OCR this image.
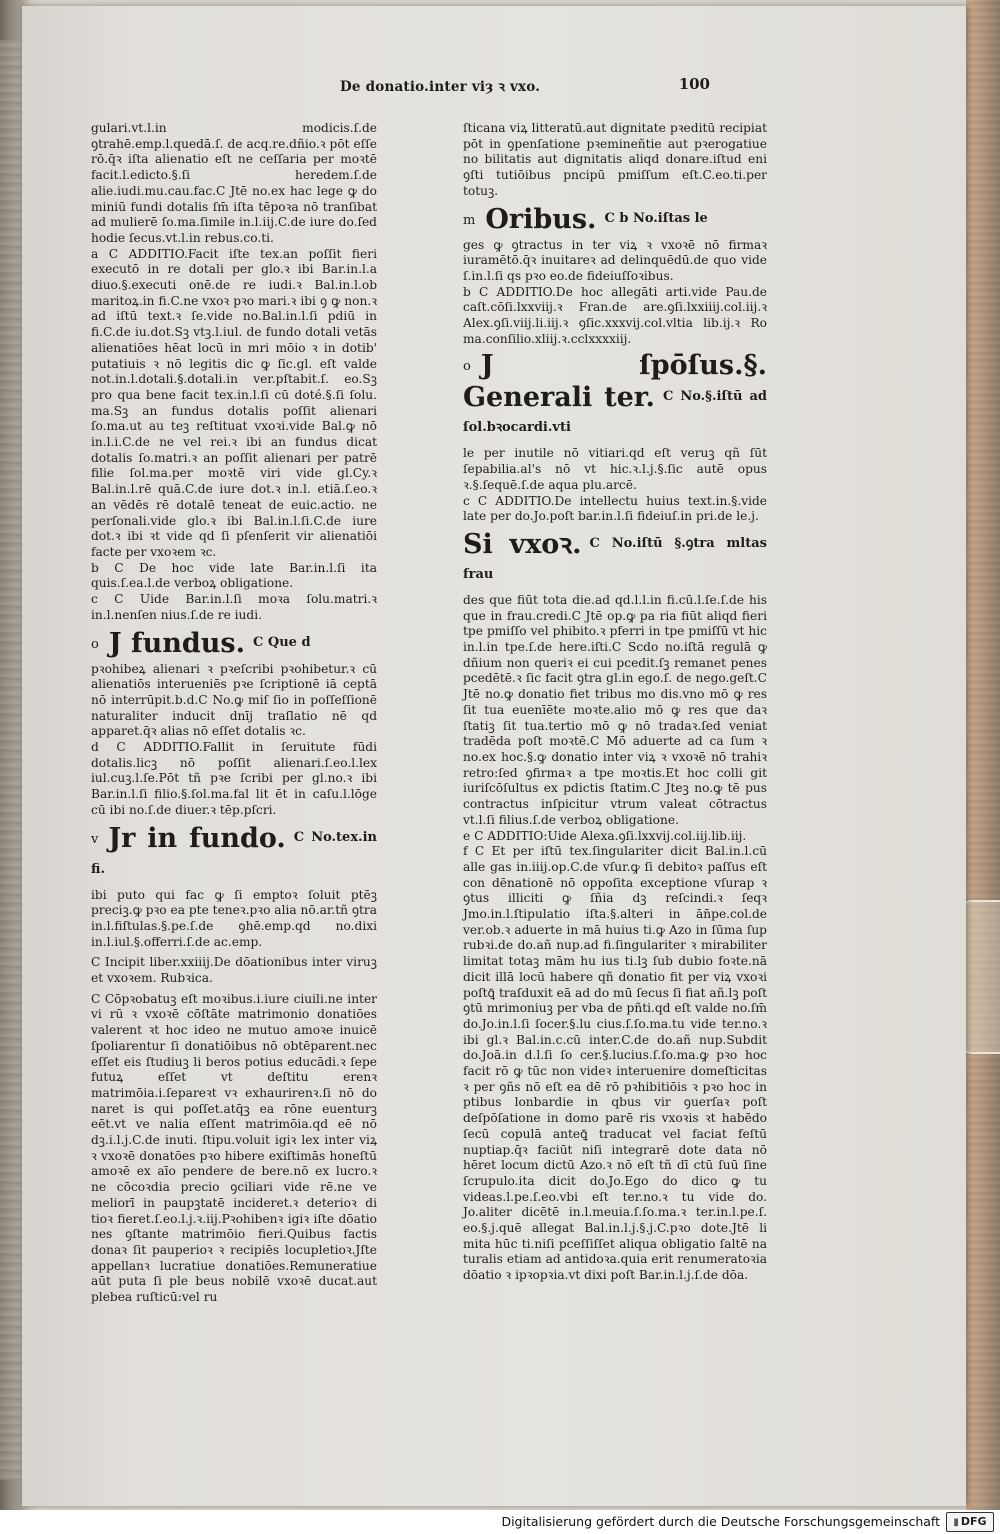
De donatio.inter viȝ ꝛ vxo.	100

gulari.vt.l.in modicis.ſ.de ꝯtrahē.emp.l.quedā.ſ. de acq.re.dñio.ꝛ pōt eſſe rō.q̄ꝛ iſta alienatio eſt ne ceſſaria per moꝛtē facit.l.edicto.§.ſi heredem.ſ.de alie.iudi.mu.cau.fac.C Jtē no.ex hac lege ꝙ do miniū fundi dotalis ſm̄ iſta tēpoꝛa nō tranſibat ad mulierē ſo.ma.ſimile in.l.iij.C.de iure do.ſed hodie ſecus.vt.l.in rebus.co.ti.

a C ADDITIO.Facit iſte tex.an poſſit fieri executō in re dotali per glo.ꝛ ibi Bar.in.l.a diuo.§.executi onē.de re iudi.ꝛ Bal.in.l.ob maritoꝝ.in fi.C.ne vxoꝛ pꝛo mari.ꝛ ibi ꝯ ꝙ non.ꝛ ad iſtū text.ꝛ ſe.vide no.Bal.in.l.ſi pdiū in fi.C.de iu.dot.Sꝫ vtꝫ.l.iul. de fundo dotali vetās alienatiōes hēat locū in mri mōio ꝛ in dotib' putatiuis ꝛ nō legitis dic ꝙ ſic.gl. eſt valde not.in.l.dotali.§.dotali.in ver.pſtabit.ſ. eo.Sꝫ pro qua bene facit tex.in.l.ſi cū doté.§.ſi ſolu. ma.Sꝫ an fundus dotalis poſſit alienari ſo.ma.ut au teꝫ reſtituat vxoꝛi.vide Bal.ꝙ nō in.l.i.C.de ne vel rei.ꝛ ibi an fundus dicat dotalis ſo.matri.ꝛ an poſſit alienari per patrē filie ſol.ma.per moꝛtē viri vide gl.Cy.ꝛ Bal.in.l.rē quā.C.de iure dot.ꝛ in.l. etiā.ſ.eo.ꝛ an vēdēs rē dotalē teneat de euic.actio. ne perſonali.vide glo.ꝛ ibi Bal.in.l.ſi.C.de iure dot.ꝛ ibi ꝛt vide qd ſi pſenſerit vir alienatiōi facte per vxoꝛem ꝛc.

b C De hoc vide late Bar.in.l.ſi ita quis.ſ.ea.l.de verboꝝ obligatione.

c C Uide Bar.in.l.ſi moꝛa ſolu.matri.ꝛ in.l.nenſen nius.ſ.de re iudi.

o J fundus. $^{C Que d}$

pꝛohibeꝝ alienari ꝛ pꝛeſcribi pꝛohibetur.ꝛ cū alienatiōs interueniēs pꝛe ſcriptionē iā ceptā nō interrūpit.b.d.C No.ꝙ miſ ſio in poſſeſſionē naturaliter inducit dnīj traſlatio nē qd apparet.q̄ꝛ alias nō eſſet dotalis ꝛc.

d C ADDITIO.Fallit in ſeruitute fūdi dotalis.licꝫ nō poſſit alienari.ſ.eo.l.lex iul.cuꝫ.l.ſe.Pōt tñ pꝛe ſcribi per gl.no.ꝛ ibi Bar.in.l.ſi filio.§.ſol.ma.fal lit ēt in caſu.l.lōge cū ibi no.ſ.de diuer.ꝛ tēp.pſcri.

v Jr in fundo. $^{C No.tex.in fi.}$

ibi puto qui fac ꝙ ſi emptoꝛ ſoluit ptēꝫ preciꝫ.ꝙ pꝛo ea pte teneꝛ.pꝛo alia nō.ar.tñ ꝯtra in.l.fiſtulas.§.pe.ſ.de ꝯhē.emp.qd no.dixi in.l.iul.§.offerri.ſ.de ac.emp.

C Incipit liber.xxiiij.De dōationibus inter viruꝫ et vxoꝛem. Rubꝛica.

C Cōpꝛobatuꝫ eſt moꝛibus.i.iure ciuili.ne inter vi rū ꝛ vxoꝛē cōſtāte matrimonio donatiōes valerent ꝛt hoc ideo ne mutuo amoꝛe inuicē ſpoliarentur ſi donatiōibus nō obtēparent.nec eſſet eis ſtudiuꝫ li beros potius educādi.ꝛ ſepe futuꝝ eſſet vt deſtitu erenꝛ matrimōia.i.ſepareꝛt vꝛ exhaurirenꝛ.ſi nō do naret is qui poſſet.atq̄ꝫ ea rōne euenturꝫ eēt.vt ve nalia eſſent matrimōia.qd eē nō dꝫ.i.l.j.C.de inuti. ſtipu.voluit igiꝛ lex inter viꝝ ꝛ vxoꝛē donatōes pꝛo hibere exiſtimās honeſtū amoꝛē ex aīo pendere de bere.nō ex lucro.ꝛ ne cōcoꝛdia precio ꝯciliari vide rē.ne ve meliorī in paupꝫtatē incideret.ꝛ deterioꝛ di tioꝛ fieret.ſ.eo.l.j.ꝛ.iij.Pꝛohibenꝛ igiꝛ iſte dōatio nes ꝯſtante matrimōio fieri.Quibus factis donaꝛ ſit pauperioꝛ ꝛ recipiēs locupletioꝛ.Jſte appellanꝛ lucratiue donatiōes.Remuneratiue aūt puta ſi ple beus nobilē vxoꝛē ducat.aut plebea ruſticū:vel ru

ſticana viꝝ litteratū.aut dignitate pꝛeditū recipiat pōt in ꝯpenſatione pꝛemineñtie aut pꝛerogatiue no bilitatis aut dignitatis aliqd donare.iſtud eni ꝯſti tutiōibus pncipū pmiſſum eſt.C.eo.ti.per totuꝫ.

m Oribus. $^{C b No.iſtas le}$

ges ꝙ ꝯtractus in ter viꝝ ꝛ vxoꝛē nō firmaꝛ iuramētō.q̄ꝛ inuitareꝛ ad delinquēdū.de quo vide ſ.in.l.ſi qs pꝛo eo.de fideiuſſoꝛibus.

b C ADDITIO.De hoc allegāti arti.vide Pau.de caſt.cōſi.lxxviij.ꝛ Fran.de are.ꝯſi.lxxiiij.col.iij.ꝛ Alex.ꝯſi.viij.li.iij.ꝛ ꝯſic.xxxvij.col.vltia lib.ij.ꝛ Ro ma.conſilio.xliij.ꝛ.cclxxxxiij.

o J ſpōſus.§. Generali ter. $^{C No.\S.iſtū ad ſol.bꝛocardi.vti}$

le per inutile nō vitiari.qd eſt veruꝫ qñ ſūt ſepabilia.al's nō vt hic.ꝛ.l.j.§.ſic autē opus ꝛ.§.ſequē.ſ.de aqua plu.arcē.

c C ADDITIO.De intellectu huius text.in.§.vide late per do.Jo.poſt bar.in.l.ſi fideiuſ.in pri.de le.j.

Si vxoꝛ. $^{C No.iſtū \S.ꝯtra mltas frau}$

des que fiūt tota die.ad qd.l.l.in fi.cū.l.ſe.ſ.de his que in frau.credi.C Jtē op.ꝙ pa ria fiūt aliqd fieri tpe pmiſſo vel phibito.ꝛ pferri in tpe pmiſſū vt hic in.l.in tpe.ſ.de here.iſti.C Scdo no.iſtā regulā ꝙ dñium non queriꝛ ei cui pcedit.ſꝫ remanet penes pcedētē.ꝛ ſic facit ꝯtra gl.in ego.ſ. de nego.geſt.C Jtē no.ꝙ donatio fiet tribus mo dis.vno mō ꝙ res ſit tua euenīēte moꝛte.alio mō ꝙ res que daꝛ ſtatiꝫ ſit tua.tertio mō ꝙ nō tradaꝛ.ſed veniat tradēda poſt moꝛtē.C Mō aduerte ad ca ſum ꝛ no.ex hoc.§.ꝙ donatio inter viꝝ ꝛ vxoꝛē nō trahiꝛ retro:ſed ꝯfirmaꝛ a tpe moꝛtis.Et hoc colli git iuriſcōſultus ex pdictis ſtatim.C Jteꝫ no.ꝙ tē pus contractus inſpicitur vtrum valeat cōtractus vt.l.ſi filius.ſ.de verboꝝ obligatione.

e C ADDITIO:Uide Alexa.ꝯſi.lxxvij.col.iij.lib.iij.

f C Et per iſtū tex.ſingulariter dicit Bal.in.l.cū alle gas in.iiij.op.C.de vſur.ꝙ ſi debitoꝛ paſſus eſt con dēnationē nō oppoſita exceptione vſurap ꝛ ꝯtus illiciti ꝙ ſñia dꝫ reſcindi.ꝛ ſeqꝛ Jmo.in.l.ſtipulatio iſta.§.alteri in ān̄pe.col.de ver.ob.ꝛ aduerte in mā huius ti.ꝙ Azo in ſūma ſup rubꝛi.de do.añ nup.ad fi.ſingulariter ꝛ mirabiliter limitat totaꝫ mām hu ius ti.lꝫ ſub dubio foꝛte.nā dicit illā locū habere qñ donatio fit per viꝝ vxoꝛi poſtꝗ̄ traſduxit eā ad do mū ſecus ſi fiat añ.lꝫ poſt ꝯtū mrimoniuꝫ per vba de pñti.qd eſt valde no.ſm̄ do.Jo.in.l.ſi ſocer.§.lu cius.ſ.ſo.ma.tu vide ter.no.ꝛ ibi gl.ꝛ Bal.in.c.cū inter.C.de do.añ nup.Subdit do.Joā.in d.l.ſi ſo cer.§.lucius.ſ.ſo.ma.ꝙ pꝛo hoc facit rō ꝙ tūc non videꝛ interuenire domeſticitas ꝛ per ꝯñs nō eſt ea dē rō pꝛhibitiōis ꝛ pꝛo hoc in ptibus lonbardie in qbus vir ꝯuerſaꝛ poſt deſpōſatione in domo parē ris vxoꝛis ꝛt habēdo ſecū copulā anteꝗ̄ traducat vel faciat feſtū nuptiap.q̄ꝛ faciūt niſi integrarē dote data nō hēret locum dictū Azo.ꝛ nō eſt tñ dī ctū ſuū ſine ſcrupulo.ita dicit do.Jo.Ego do dico ꝙ tu videas.l.pe.ſ.eo.vbi eſt ter.no.ꝛ tu vide do. Jo.aliter dicētē in.l.meuia.ſ.ſo.ma.ꝛ ter.in.l.pe.ſ. eo.§.j.quē allegat Bal.in.l.j.§.j.C.pꝛo dote.Jtē li mita hūc ti.niſi pceſſiſſet aliqua obligatio ſaltē na turalis etiam ad antidoꝛa.quia erit renumeratoꝛia dōatio ꝛ ipꝛopꝛia.vt dixi poſt Bar.in.l.j.ſ.de dōa.

Digitalisierung gefördert durch die Deutsche Forschungsgemeinschaft	▮ DFG
